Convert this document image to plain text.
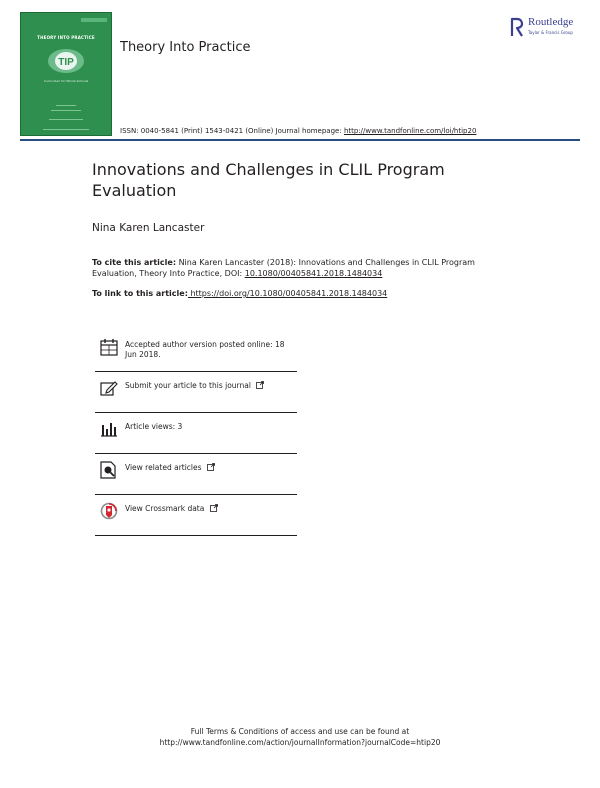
THEORY INTO PRACTICE
TIP
Curriculum for Whole Schools
Routledge
Taylor & Francis Group
Theory Into Practice
ISSN: 0040-5841 (Print) 1543-0421 (Online) Journal homepage: http://www.tandfonline.com/loi/htip20
Innovations and Challenges in CLIL Program Evaluation
Nina Karen Lancaster
To cite this article: Nina Karen Lancaster (2018): Innovations and Challenges in CLIL Program Evaluation, Theory Into Practice, DOI: 10.1080/00405841.2018.1484034
To link to this article: https://doi.org/10.1080/00405841.2018.1484034
Accepted author version posted online: 18 Jun 2018.
Submit your article to this journal
Article views: 3
View related articles
View Crossmark data
Full Terms & Conditions of access and use can be found at
http://www.tandfonline.com/action/journalInformation?journalCode=htip20
